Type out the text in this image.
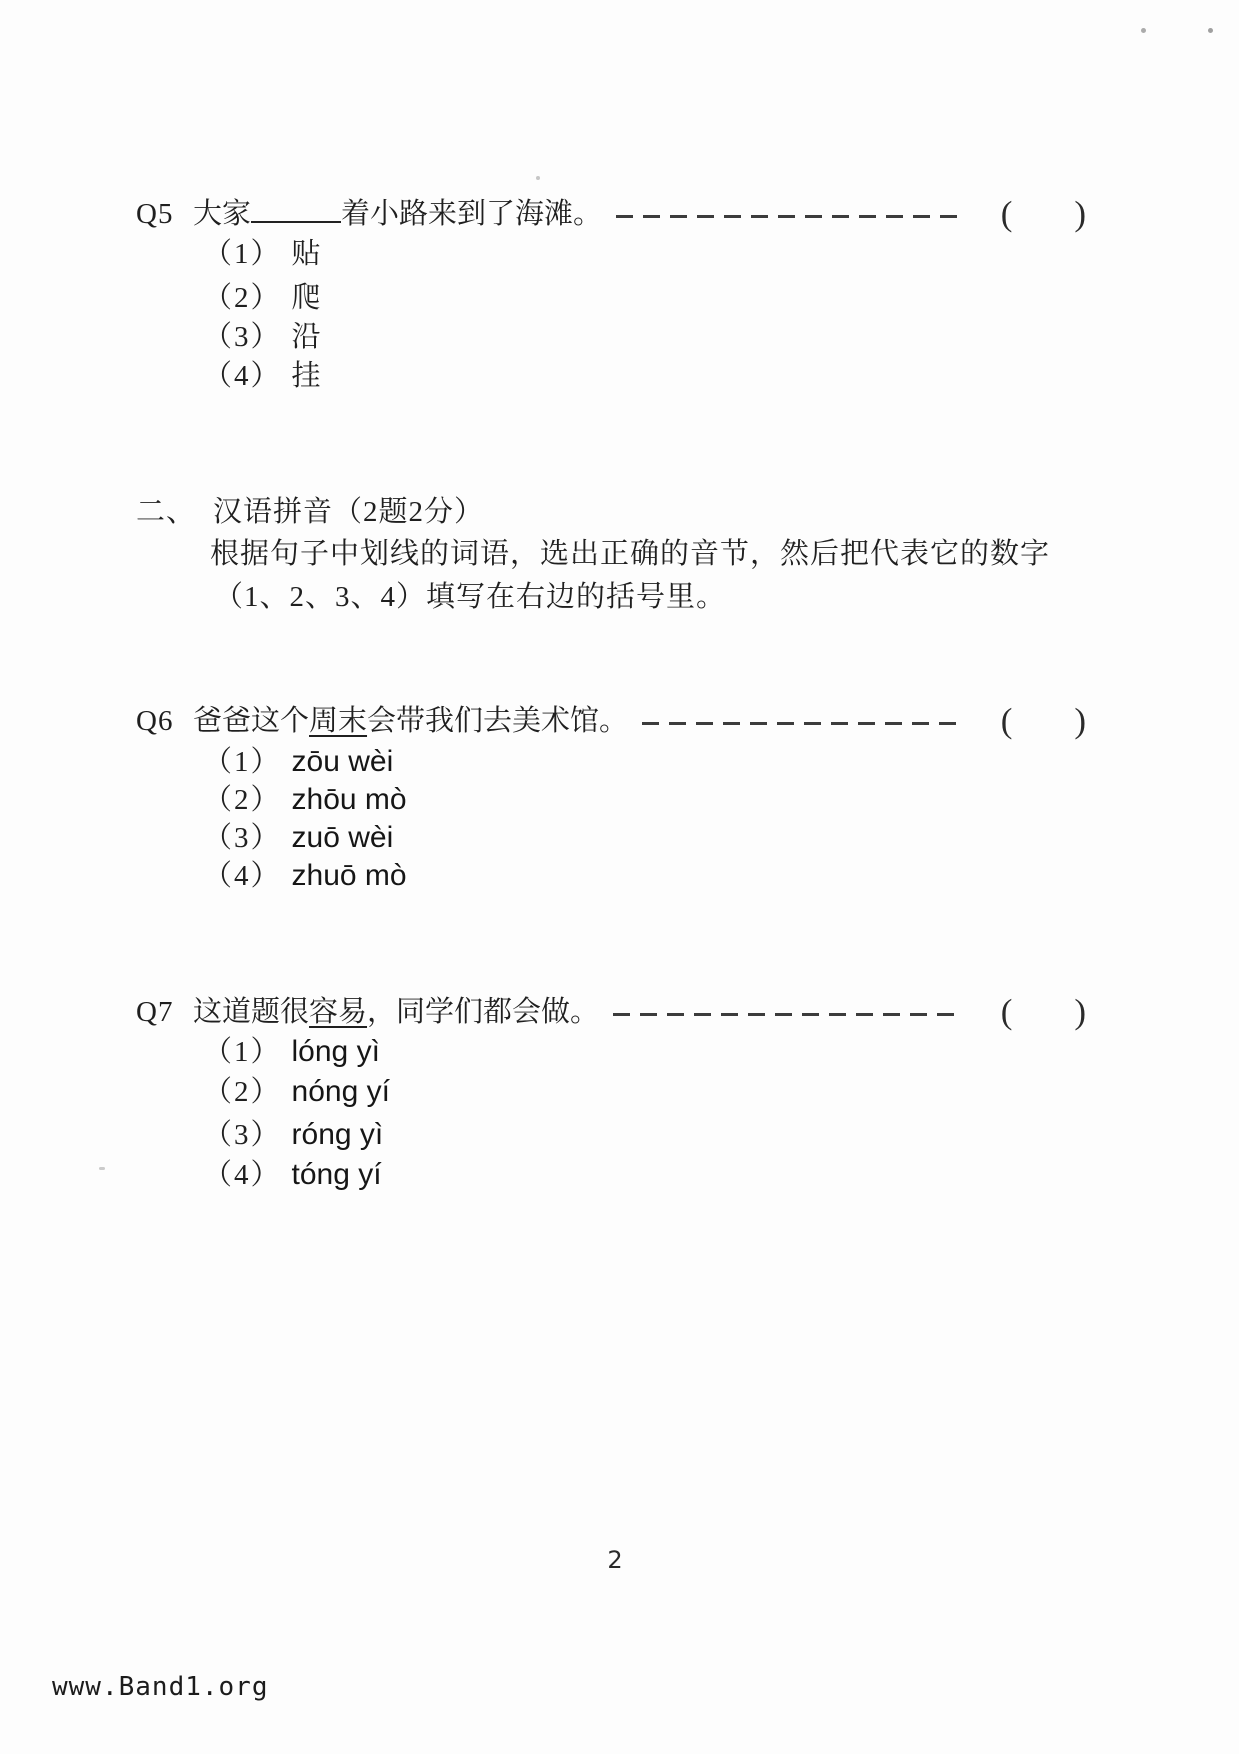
Q5 大家	着小路来到了海滩。	( )
（1） 贴
（2） 爬
（3） 沿
（4） 挂
二、 汉语拼音（2题2分）
根据句子中划线的词语，选出正确的音节，然后把代表它的数字
（1、2、3、4）填写在右边的括号里。
Q6 爸爸这个周末会带我们去美术馆。	( )
（1） zōu wèi
（2） zhōu mò
（3） zuō wèi
（4） zhuō mò
Q7 这道题很容易，同学们都会做。	( )
（1） lóng yì
（2） nóng yí
（3） róng yì
（4） tóng yí
2
www.Band1.org
